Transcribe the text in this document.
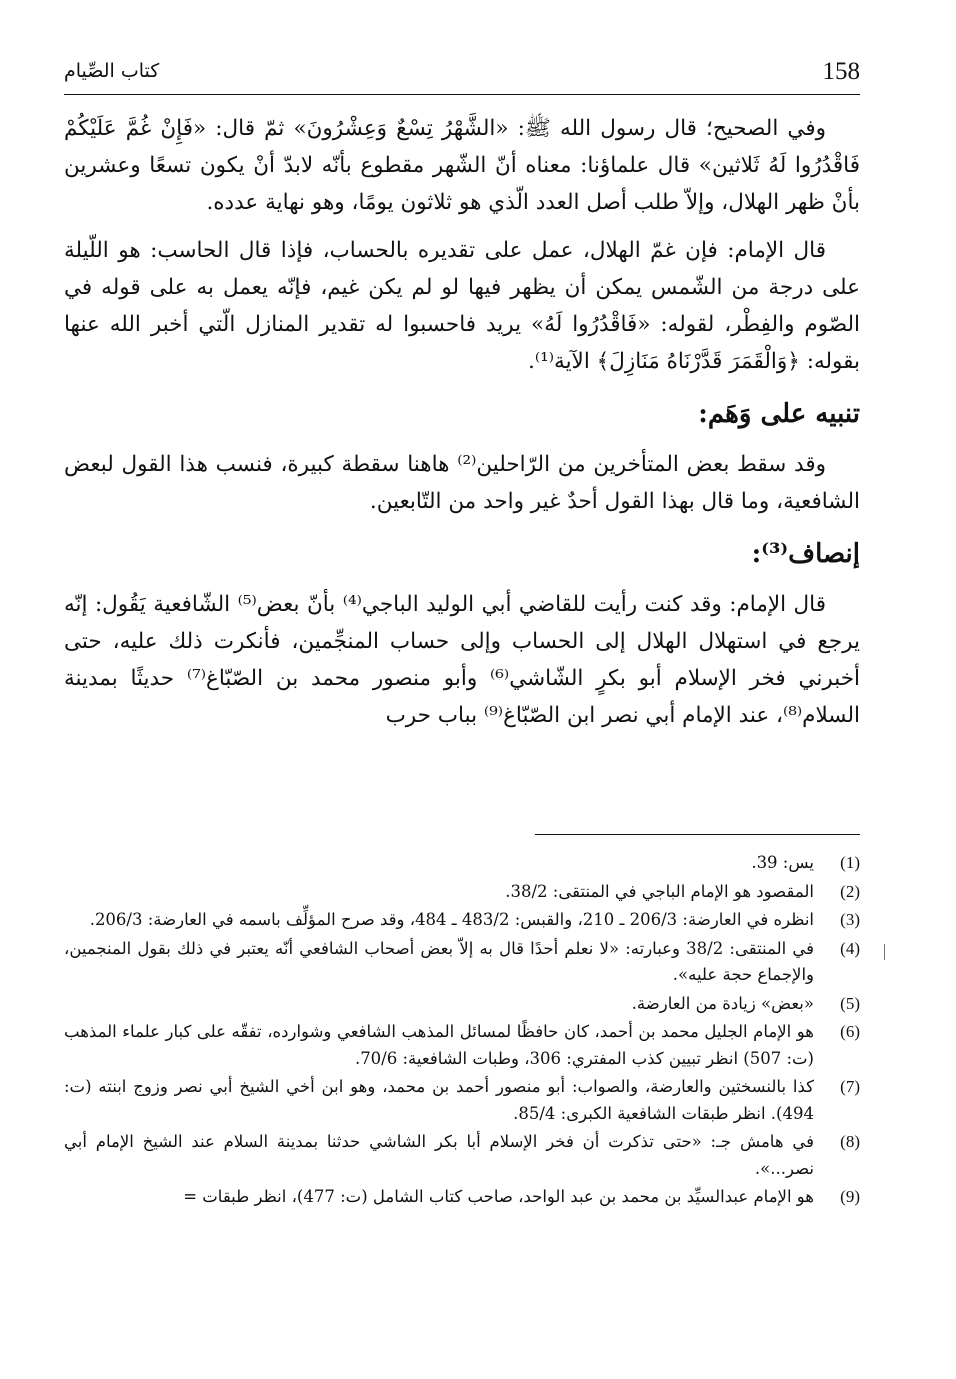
158
كتاب الصِّيام

وفي الصحيح؛ قال رسول الله ﷺ: «الشَّهْرُ تِسْعٌ وَعِشْرُونَ» ثمّ قال: «فَإِنْ غُمَّ عَلَيْكُمْ فَاقْدُرُوا لَهُ ثَلاثين» قال علماؤنا: معناه أنّ الشّهر مقطوع بأنّه لابدّ أنْ يكون تسعًا وعشرين بأنْ ظهر الهلال، وإلاّ طلب أصل العدد الّذي هو ثلاثون يومًا، وهو نهاية عدده.

قال الإمام: فإن غمّ الهلال، عمل على تقديره بالحساب، فإذا قال الحاسب: هو اللّيلة على درجة من الشّمس يمكن أن يظهر فيها لو لم يكن غيم، فإنّه يعمل به على قوله في الصّوم والفِطْر، لقوله: «فَاقْدُرُوا لَهُ» يريد فاحسبوا له تقدير المنازل الّتي أخبر الله عنها بقوله: ﴿وَالْقَمَرَ قَدَّرْنَاهُ مَنَازِلَ﴾ الآية⁽¹⁾.

تنبيه على وَهَم:

وقد سقط بعض المتأخرين من الرّاحلين⁽²⁾ هاهنا سقطة كبيرة، فنسب هذا القول لبعض الشافعية، وما قال بهذا القول أحدٌ غير واحد من التّابعين.

إنصاف⁽³⁾:

قال الإمام: وقد كنت رأيت للقاضي أبي الوليد الباجي⁽⁴⁾ بأنّ بعض⁽⁵⁾ الشّافعية يَقُول: إنّه يرجع في استهلال الهلال إلى الحساب وإلى حساب المنجِّمين، فأنكرت ذلك عليه، حتى أخبرني فخر الإسلام أبو بكرٍ الشّاشي⁽⁶⁾ وأبو منصور محمد بن الصّبّاغ⁽⁷⁾ حديثًا بمدينة السلام⁽⁸⁾، عند الإمام أبي نصر ابن الصّبّاغ⁽⁹⁾ بباب حرب

(1)
يس: 39.
(2)
المقصود هو الإمام الباجي في المنتقى: 38/2.
(3)
انظره في العارضة: 206/3 ـ 210، والقبس: 483/2 ـ 484، وقد صرح المؤلِّف باسمه في العارضة: 206/3.
(4)
في المنتقى: 38/2 وعبارته: «لا نعلم أحدًا قال به إلاّ بعض أصحاب الشافعي أنّه يعتبر في ذلك بقول المنجمين، والإجماع حجة عليه».
(5)
«بعض» زيادة من العارضة.
(6)
هو الإمام الجليل محمد بن أحمد، كان حافظًا لمسائل المذهب الشافعي وشوارده، تفقّه على كبار علماء المذهب (ت: 507) انظر تبيين كذب المفتري: 306، وطبات الشافعية: 70/6.
(7)
كذا بالنسختين والعارضة، والصواب: أبو منصور أحمد بن محمد، وهو ابن أخي الشيخ أبي نصر وزوج ابنته (ت: 494). انظر طبقات الشافعية الكبرى: 85/4.
(8)
في هامش جـ: «حتى تذكرت أن فخر الإسلام أبا بكر الشاشي حدثنا بمدينة السلام عند الشيخ الإمام أبي نصر...».
(9)
هو الإمام عبدالسيِّد بن محمد بن عبد الواحد، صاحب كتاب الشامل (ت: 477)، انظر طبقات =
